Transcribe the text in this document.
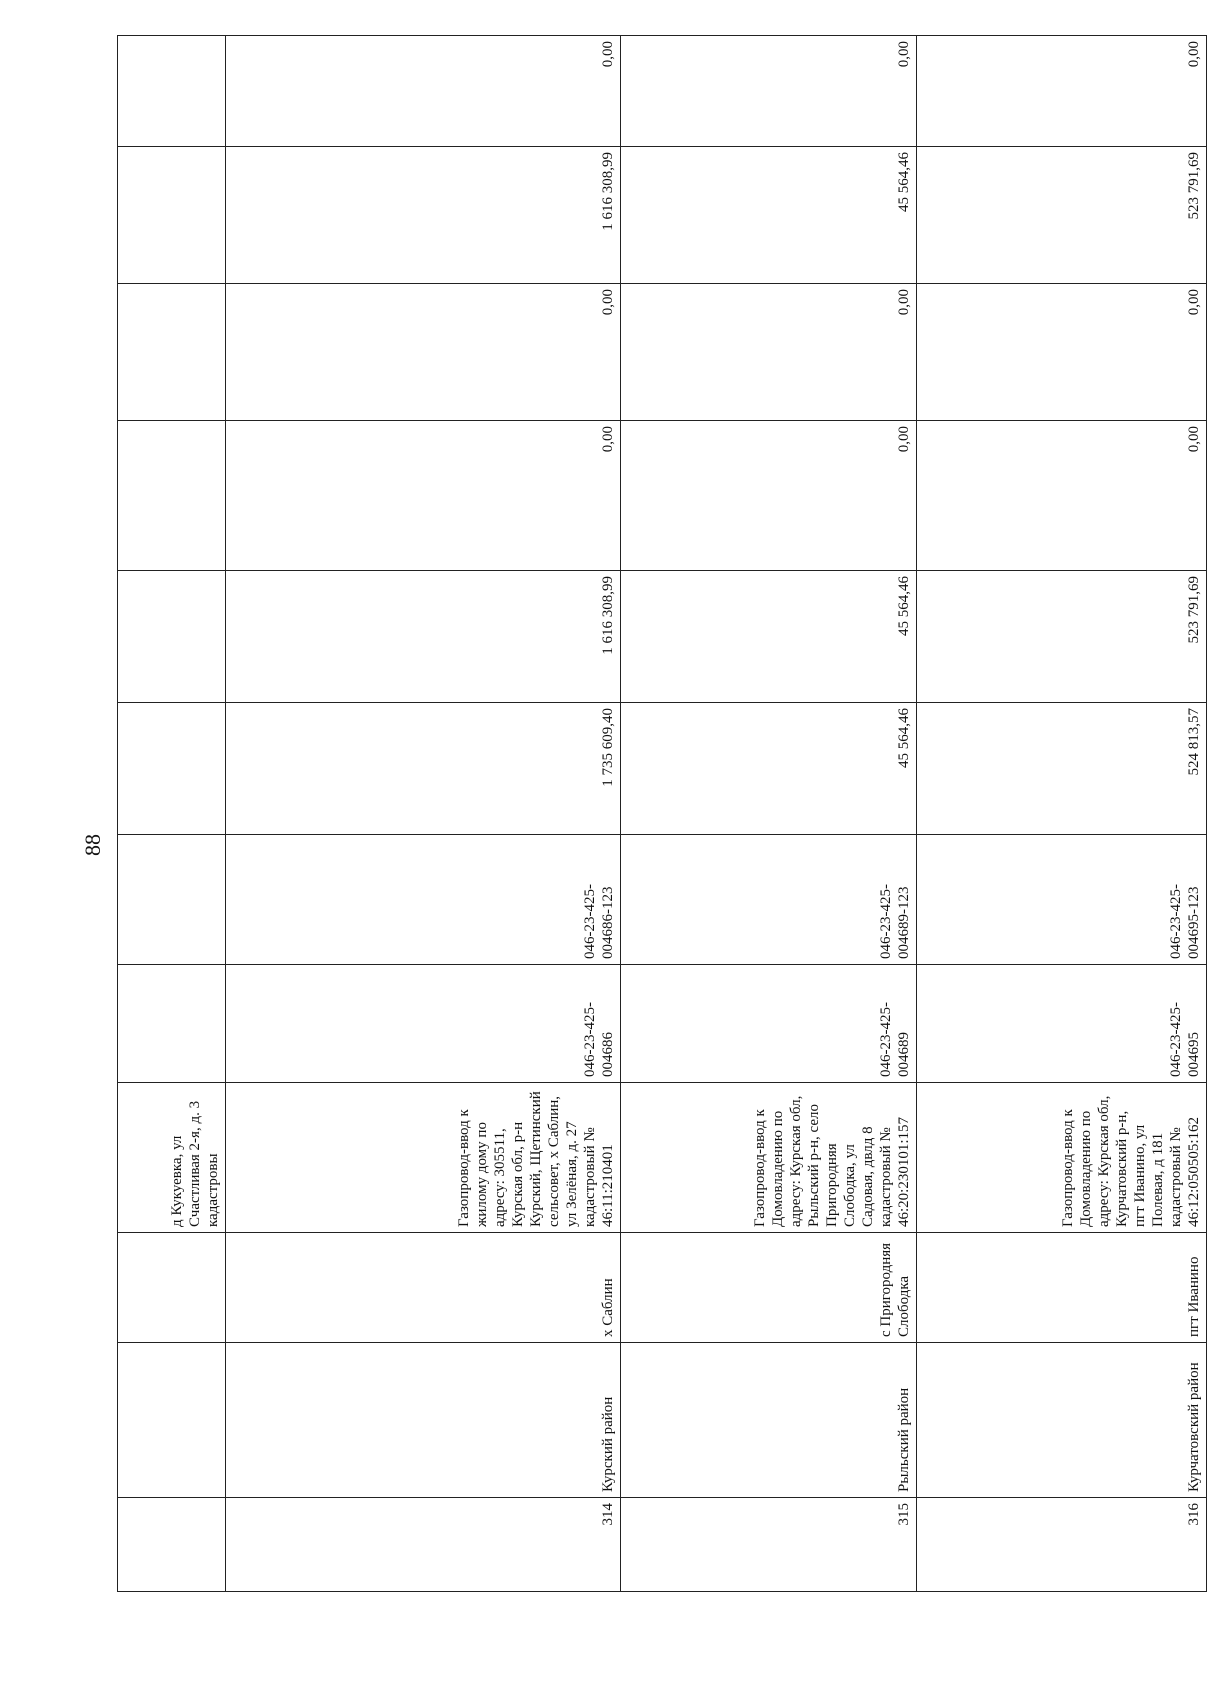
88
			д Кукуевка, ул Счастливая 2-я, д. 3 кадастровы								
314	Курский район	х Саблин	Газопровод-ввод к жилому дому по адресу: 305511, Курская обл, р-н Курский, Щетинский сельсовет, х Саблин, ул Зелёная, д. 27 кадастровый № 46:11:210401	046-23-425-004686	046-23-425-004686-123	1 735 609,40	1 616 308,99	0,00	0,00	1 616 308,99	0,00
315	Рыльский район	с Пригородняя Слободка	Газопровод-ввод к Домовладению по адресу: Курская обл, Рыльский р-н, село Пригородняя Слободка, ул Садовая, двлд 8 кадастровый № 46:20:230101:157	046-23-425-004689	046-23-425-004689-123	45 564,46	45 564,46	0,00	0,00	45 564,46	0,00
316	Курчатовский район	пгт Иванино	Газопровод-ввод к Домовладению по адресу: Курская обл, Курчатовский р-н, пгт Иванино, ул Полевая, д 181 кадастровый № 46:12:050505:162	046-23-425-004695	046-23-425-004695-123	524 813,57	523 791,69	0,00	0,00	523 791,69	0,00
